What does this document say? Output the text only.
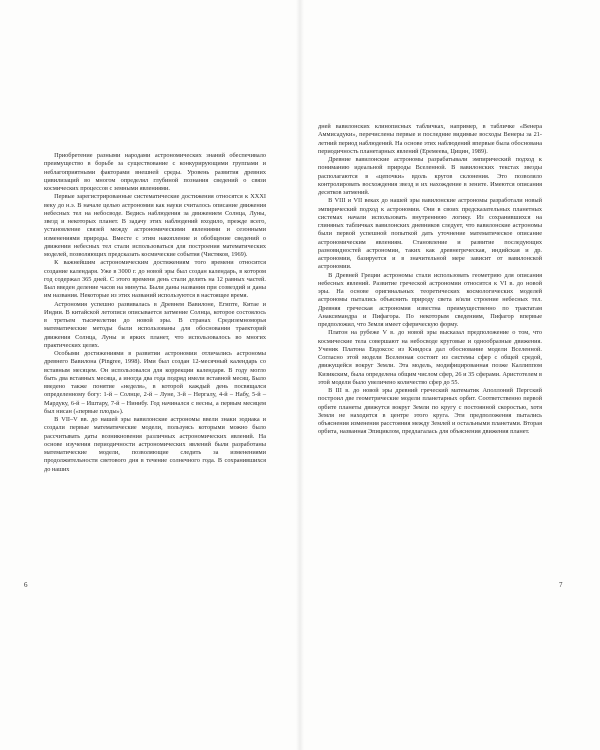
Приобретение разными народами астрономических знаний обеспечивало преимущество в борьбе за существование с конкурирующими группами и неблагоприятными факторами внешней среды. Уровень развития древних цивилизаций во многом определял глубиной познания сведений о связи космических процессов с земными явлениями.

Первые зарегистрированные систематические достижения относятся к XXXI веку до н.э. В начале целью астрономии как науки считалось описание движения небесных тел на небосводе. Ведись наблюдения за движением Солнца, Луны, звезд и некоторых планет. В задачу этих наблюдений входило, прежде всего, установление связей между астрономическими явлениями и сезонными изменениями природы. Вместе с этим накопление и обобщение сведений о движении небесных тел стали использоваться для построения математических моделей, позволяющих предсказать космические события (Чистяков, 1969).

К важнейшим астрономическим достижениям того времени относится создание календаря. Уже в 3000 г. до новой эры был создан календарь, в котором год содержал 365 дней. С этого времени день стали делить на 12 равных частей. Был введен деление часов на минуты. Были даны названия при созвездий и даны им названия. Некоторые из этих названий используются в настоящее время.

Астрономия успешно развивалась в Древнем Вавилоне, Египте, Китае и Индии. В китайской летописи описывается затмение Солнца, которое состоялось в третьем тысячелетии до новой эры. В странах Средиземноморья математические методы были использованы для обоснования траекторий движения Солнца, Луны и ярких планет, что использовалось во многих практических целях.

Особыми достижениями в развитии астрономии отличались астрономы древнего Вавилона (Pingree, 1998). Ими был создан 12-месячный календарь со вставным месяцем. Он использовался для коррекции календаря. В году могло быть два вставных месяца, а иногда два года подряд имели вставной месяц. Было введено также понятие «неделя», в которой каждый день посвящался определенному богу: 1-й – Солнце, 2-й – Луне, 3-й – Нергалу, 4-й – Набу, 5-й – Мардуку, 6-й – Иштару, 7-й – Нинибу. Год начинался с весны, а первым месяцем был нисан («первые плоды»).

В VII–V вв. до нашей эры вавилонские астрономы ввели знаки зодиака и создали первые математические модели, пользуясь которыми можно было рассчитывать даты возникновения различных астрономических явлений. На основе изучения периодичности астрономических явлений были разработаны математические модели, позволяющие следить за изменениями продолжительности светового дня в течение солнечного года. В сохранившихся до наших

6

дней вавилонских клинописных табличках, например, в табличке «Венера Аммисадуки», перечислены первые и последние видимые восходы Венеры за 21-летний период наблюдений. На основе этих наблюдений впервые была обоснована периодичность планетарных явлений (Еремеева, Цицин, 1989).

Древние вавилонские астрономы разрабатывали эмпирический подход к пониманию идеальной природы Вселенной. В вавилонских текстах звезды располагаются в «цепочки» вдоль кругов склонения. Это позволяло контролировать восхождения звезд и их нахождение в зените. Имеются описания десятков затмений.

В VIII и VII веках до нашей эры вавилонские астрономы разработали новый эмпирический подход к астрономии. Они в своих предсказательных планетных системах начали использовать внутреннюю логику. Из сохранившихся на глиняных табличках вавилонских дневников следует, что вавилонские астрономы были первой успешной попыткой дать уточнение математическое описание астрономическим явлениям. Становление и развитие последующих разновидностей астрономии, таких как древнегреческая, индийская и др. астрономии, базируется и в значительной мере зависит от вавилонской астрономии.

В Древней Греции астрономы стали использовать геометрию для описания небесных явлений. Развитие греческой астрономии относится к VI в. до новой эры. На основе оригинальных теоретических космологических моделей астрономы пытались объяснить природу света и/или строение небесных тел. Древняя греческая астрономия известна преимущественно по трактатам Анаксимандра и Пифагора. По некоторым сведениям, Пифагор впервые предположил, что Земля имеет сферическую форму.

Платон на рубеже V в. до новой эры высказал предположение о том, что космические тела совершают на небосводе круговые и однообразные движения. Ученик Платона Евдоксос из Книдоса дал обоснование модели Вселенной. Согласно этой модели Вселенная состоит из системы сфер с общей средой, движущейся вокруг Земли. Эта модель, модифицированная позже Каллиппом Кизикским, была определена общим числом сфер, 26 и 35 сферами. Аристотелем в этой модели было увеличено количество сфер до 55.

В III в. до новой эры древний греческий математик Аполлоний Пергский построил две геометрические модели планетарных орбит. Соответственно первой орбите планеты движутся вокруг Земли по кругу с постоянной скоростью, хотя Земля не находится в центре этого круга. Эти предположения пытались объяснения изменения расстояния между Землей и остальными планетами. Вторая орбита, названная Эпициклом, предлагалась для объяснения движения планет.

7
